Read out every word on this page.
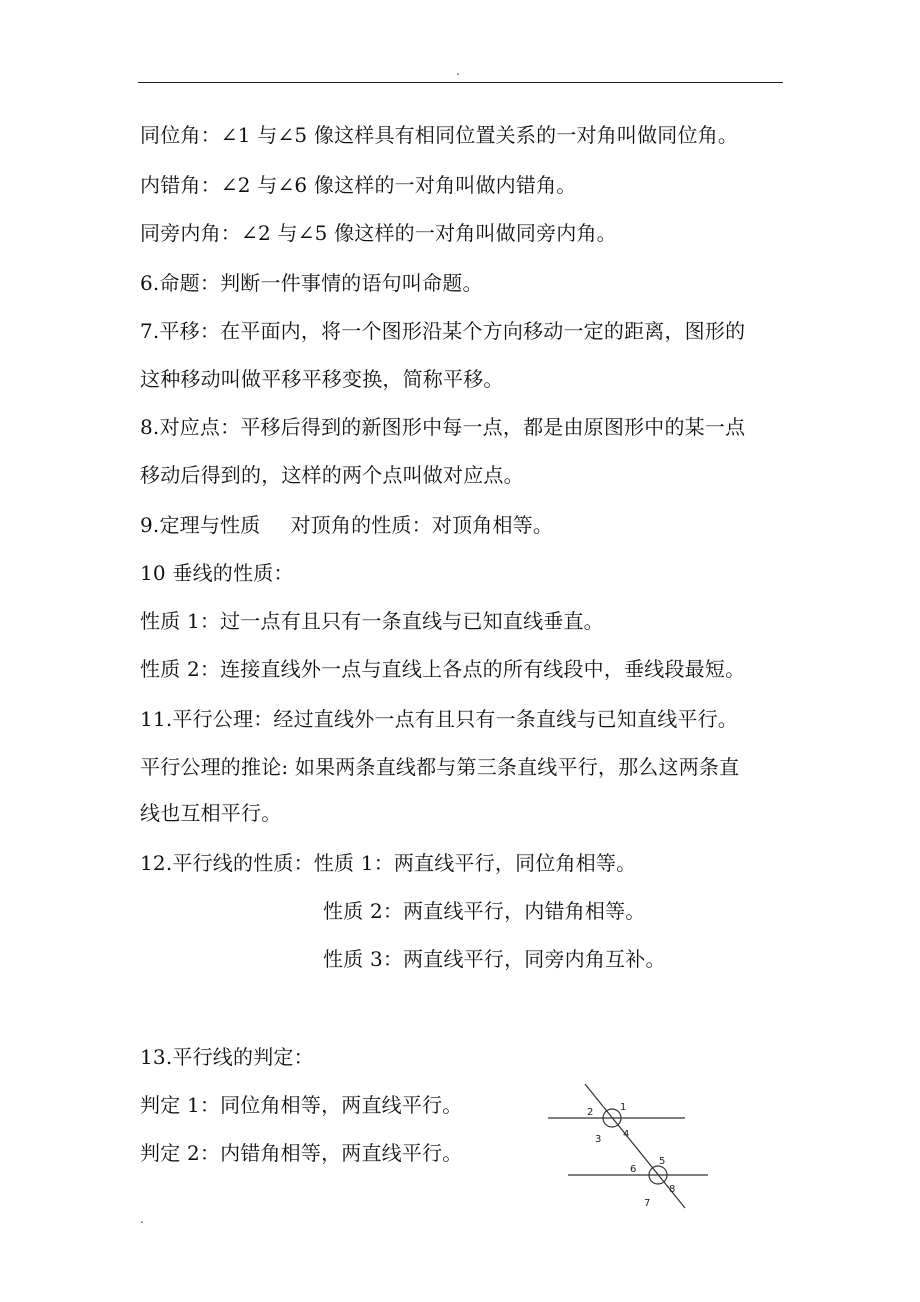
.
同位角：∠1 与∠5 像这样具有相同位置关系的一对角叫做同位角。
内错角：∠2 与∠6 像这样的一对角叫做内错角。
同旁内角：∠2 与∠5 像这样的一对角叫做同旁内角。
6.命题：判断一件事情的语句叫命题。
7.平移：在平面内，将一个图形沿某个方向移动一定的距离，图形的
这种移动叫做平移平移变换，简称平移。
8.对应点：平移后得到的新图形中每一点，都是由原图形中的某一点
移动后得到的，这样的两个点叫做对应点。
9.定理与性质 对顶角的性质：对顶角相等。
10 垂线的性质：
性质 1：过一点有且只有一条直线与已知直线垂直。
性质 2：连接直线外一点与直线上各点的所有线段中，垂线段最短。
11.平行公理：经过直线外一点有且只有一条直线与已知直线平行。
平行公理的推论: 如果两条直线都与第三条直线平行，那么这两条直
线也互相平行。
12.平行线的性质：性质 1：两直线平行，同位角相等。
性质 2：两直线平行，内错角相等。
性质 3：两直线平行，同旁内角互补。
13.平行线的判定：
判定 1：同位角相等，两直线平行。
判定 2：内错角相等，两直线平行。
2	1
3 4
5
6
7
8
.
